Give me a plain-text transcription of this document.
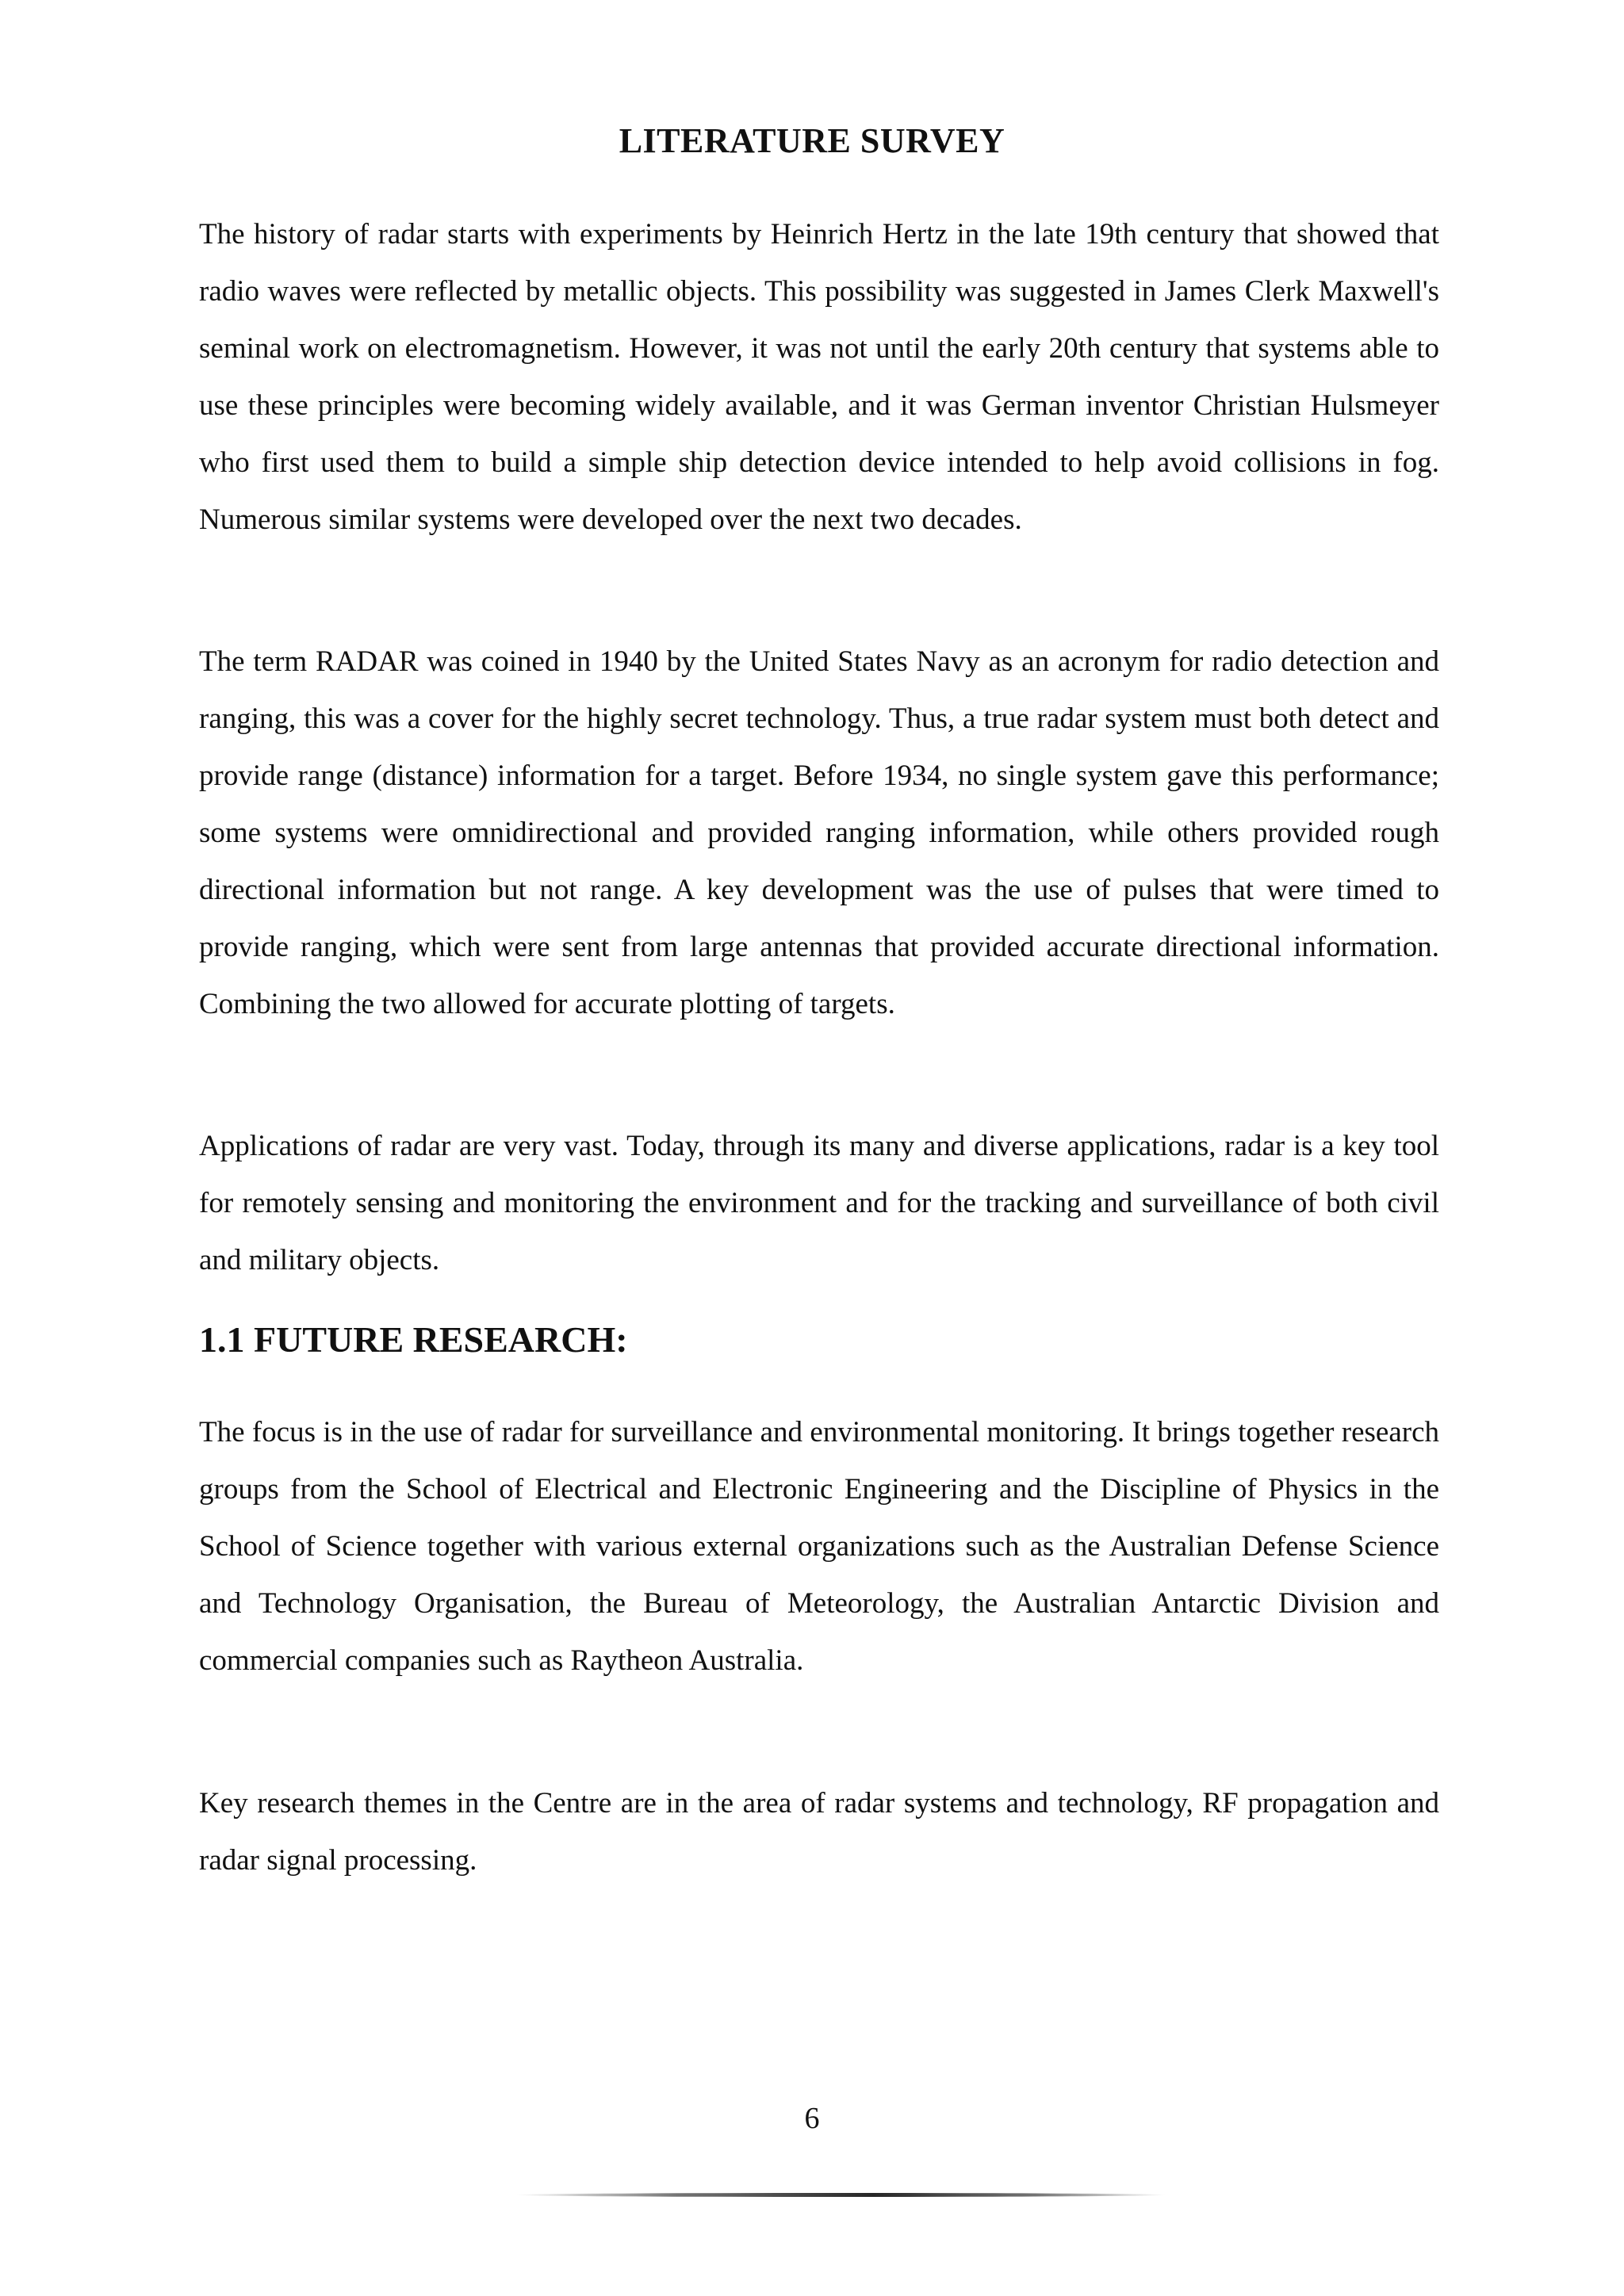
LITERATURE SURVEY

The history of radar starts with experiments by Heinrich Hertz in the late 19th century that showed that radio waves were reflected by metallic objects. This possibility was suggested in James Clerk Maxwell's seminal work on electromagnetism. However, it was not until the early 20th century that systems able to use these principles were becoming widely available, and it was German inventor Christian Hulsmeyer who first used them to build a simple ship detection device intended to help avoid collisions in fog. Numerous similar systems were developed over the next two decades.

The term RADAR was coined in 1940 by the United States Navy as an acronym for radio detection and ranging, this was a cover for the highly secret technology. Thus, a true radar system must both detect and provide range (distance) information for a target. Before 1934, no single system gave this performance; some systems were omnidirectional and provided ranging information, while others provided rough directional information but not range. A key development was the use of pulses that were timed to provide ranging, which were sent from large antennas that provided accurate directional information. Combining the two allowed for accurate plotting of targets.

Applications of radar are very vast. Today, through its many and diverse applications, radar is a key tool for remotely sensing and monitoring the environment and for the tracking and surveillance of both civil and military objects.

1.1 FUTURE RESEARCH:

The focus is in the use of radar for surveillance and environmental monitoring. It brings together research groups from the School of Electrical and Electronic Engineering and the Discipline of Physics in the School of Science together with various external organizations such as the Australian Defense Science and Technology Organisation, the Bureau of Meteorology, the Australian Antarctic Division and commercial companies such as Raytheon Australia.

Key research themes in the Centre are in the area of radar systems and technology, RF propagation and radar signal processing.

6
